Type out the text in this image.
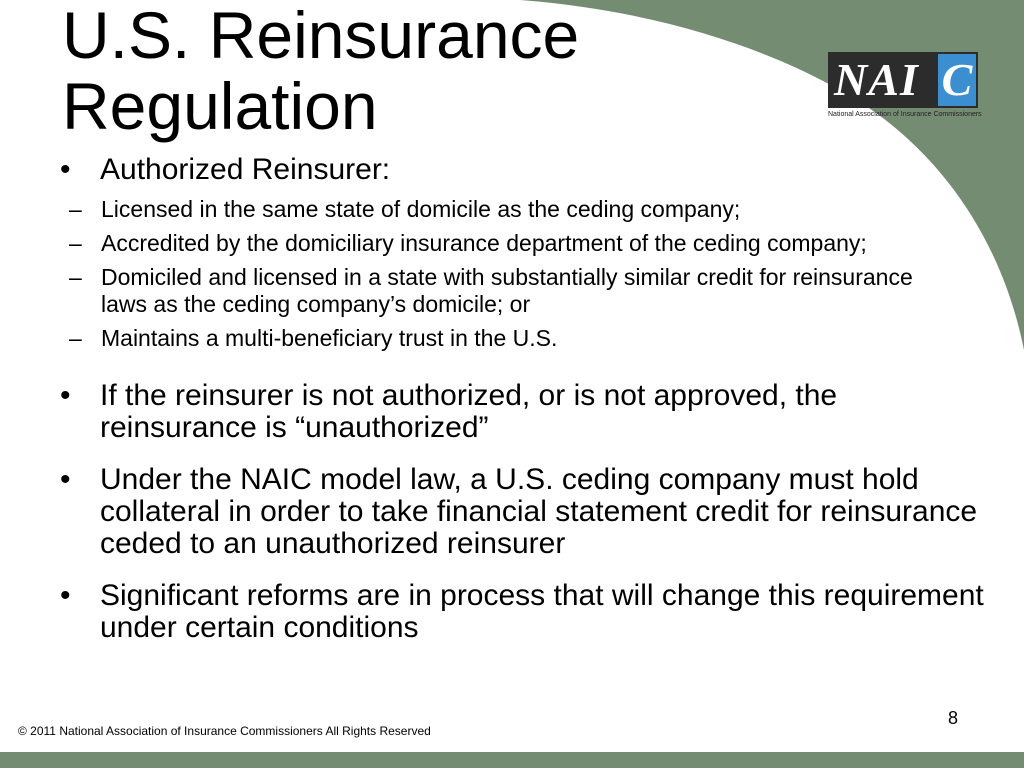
U.S. Reinsurance
Regulation	NAI C
National Association of Insurance Commissioners
• Authorized Reinsurer:
– Licensed in the same state of domicile as the ceding company;
– Accredited by the domiciliary insurance department of the ceding company;
– Domiciled and licensed in a state with substantially similar credit for reinsurance laws as the ceding company’s domicile; or
– Maintains a multi-beneficiary trust in the U.S.
• If the reinsurer is not authorized, or is not approved, the reinsurance is “unauthorized”
• Under the NAIC model law, a U.S. ceding company must hold collateral in order to take financial statement credit for reinsurance ceded to an unauthorized reinsurer
• Significant reforms are in process that will change this requirement under certain conditions
© 2011 National Association of Insurance Commissioners All Rights Reserved
8
